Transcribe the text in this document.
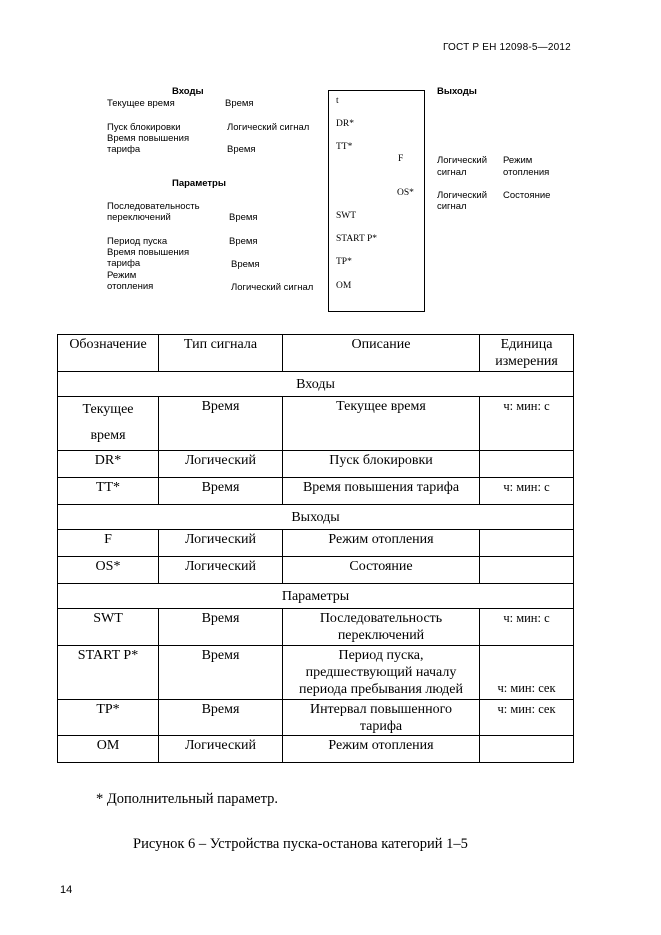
ГОСТ Р ЕН 12098-5—2012
Входы	Выходы
Текущее время	Время
Пуск блокировки	Логический сигнал
Время повышения
тарифа	Время
Параметры
Последовательность
переключений	Время
Период пуска	Время
Время повышения
тарифа	Время
Режим
отопления	Логический сигнал
t
DR*
TT*
F
OS*
SWT
START P*
TP*
OM
Логический
сигнал
Режим
отопления
Логический
сигнал
Состояние
Обозначение	Тип сигнала	Описание	Единица
измерения
Входы			
Текущее
время	Время	Текущее время	ч: мин: с
DR*	Логический	Пуск блокировки	
TT*	Время	Время повышения тарифа	ч: мин: с
Выходы			
F	Логический	Режим отопления	
OS*	Логический	Состояние	
Параметры			
SWT	Время	Последовательность
переключений	ч: мин: с
START P*	Время	Период пуска,
предшествующий началу
периода пребывания людей	ч: мин: сек
TP*	Время	Интервал повышенного
тарифа	ч: мин: сек
OM	Логический	Режим отопления	
* Дополнительный параметр.
Рисунок 6 – Устройства пуска-останова категорий 1–5
14
